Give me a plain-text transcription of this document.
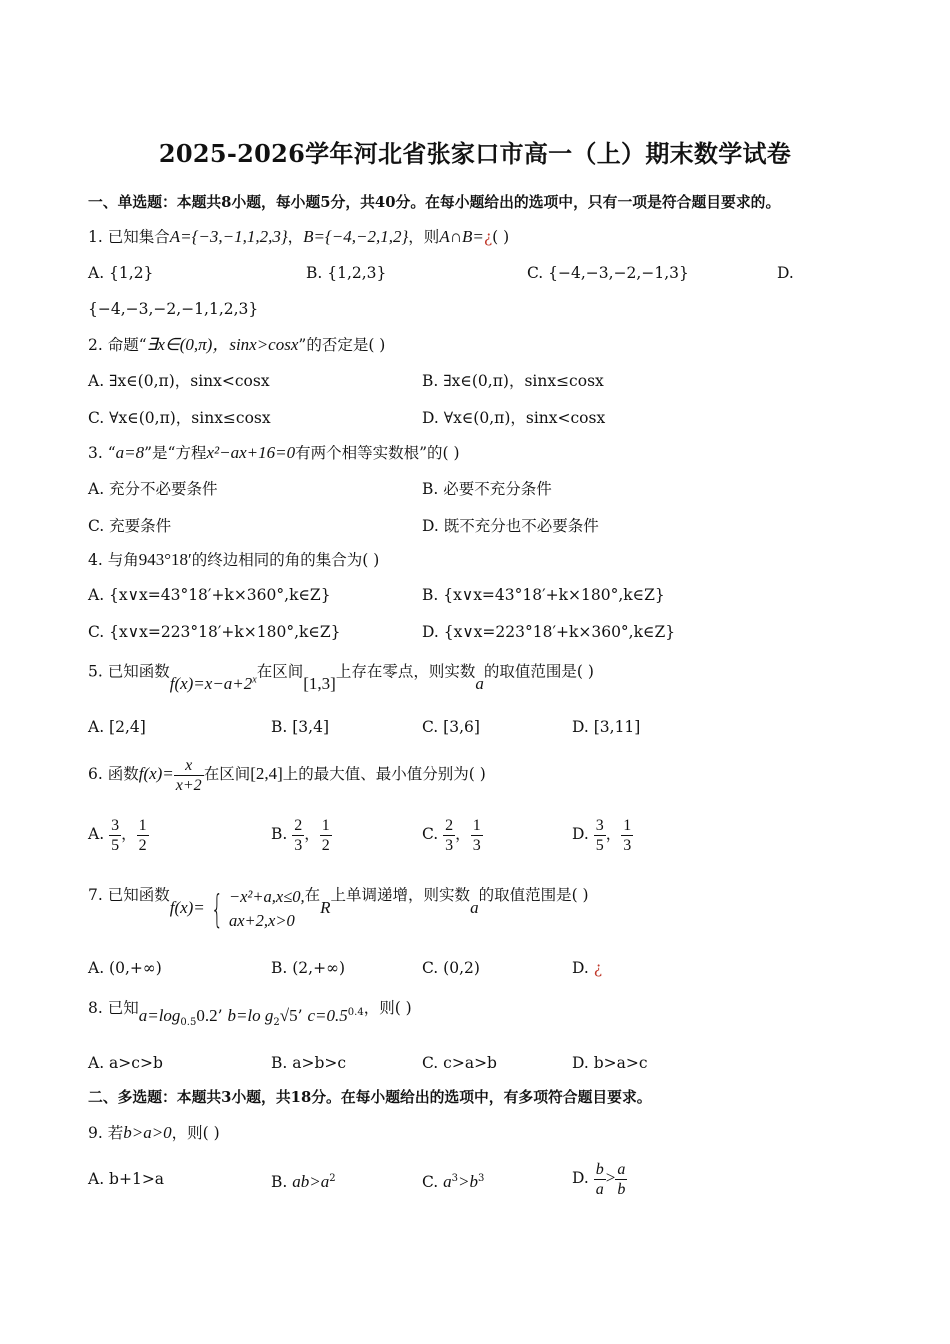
2025-2026学年河北省张家口市高一（上）期末数学试卷
一、单选题：本题共8小题，每小题5分，共40分。在每小题给出的选项中，只有一项是符合题目要求的。
1. 已知集合A={−3,−1,1,2,3}，B={−4,−2,1,2}，则A∩B=¿( )
A. {1,2}	B. {1,2,3}	C. {−4,−3,−2,−1,3}	D.
{−4,−3,−2,−1,1,2,3}
2. 命题“∃x∈(0,π)，sinx>cosx”的否定是( )
A. ∃x∈(0,π)，sinx<cosx	B. ∃x∈(0,π)，sinx≤cosx
C. ∀x∈(0,π)，sinx≤cosx	D. ∀x∈(0,π)，sinx<cosx
3. “a=8”是“方程x²−ax+16=0有两个相等实数根”的( )
A. 充分不必要条件	B. 必要不充分条件
C. 充要条件	D. 既不充分也不必要条件
4. 与角943°18′的终边相同的角的集合为( )
A. {x∨x=43°18′+k×360°,k∈Z}	B. {x∨x=43°18′+k×180°,k∈Z}
C. {x∨x=223°18′+k×180°,k∈Z}	D. {x∨x=223°18′+k×360°,k∈Z}
5. 已知函数$f(x)=x-a+2^x$在区间[1,3]上存在零点，则实数a的取值范围是( )
A. [2,4]	B. [3,4]	C. [3,6]	D. [3,11]
6. 函数$f(x)= \frac{x}{x+2}$ 在区间[2,4]上的最大值、最小值分别为( )
A. $\frac{3}{5}$ ， $\frac{1}{2}$	B. $\frac{2}{3}$ ， $\frac{1}{2}$	C. $\frac{2}{3}$ ， $\frac{1}{3}$	D. $\frac{3}{5}$ ， $\frac{1}{3}$
7. 已知函数f(x)= { −x²+a,x≤0,
ax+2,x>0
在R上单调递增，则实数a的取值范围是( )
A. (0,+∞)	B. (2,+∞)	C. (0,2)	D. ¿
8. 已知$a=\log_{0.5}0.2$’ b=lo $g_2√5$’ $c=0.5^{0.4}$，则( )
A. a>c>b	B. a>b>c	C. c>a>b	D. b>a>c
二、多选题：本题共3小题，共18分。在每小题给出的选项中，有多项符合题目要求。
9. 若b>a>0，则( )
A. b+1>a	B. $ab>a^2$	C. $a^3>b^3$	D. $\frac{b}{a} > \frac{a}{b}$
